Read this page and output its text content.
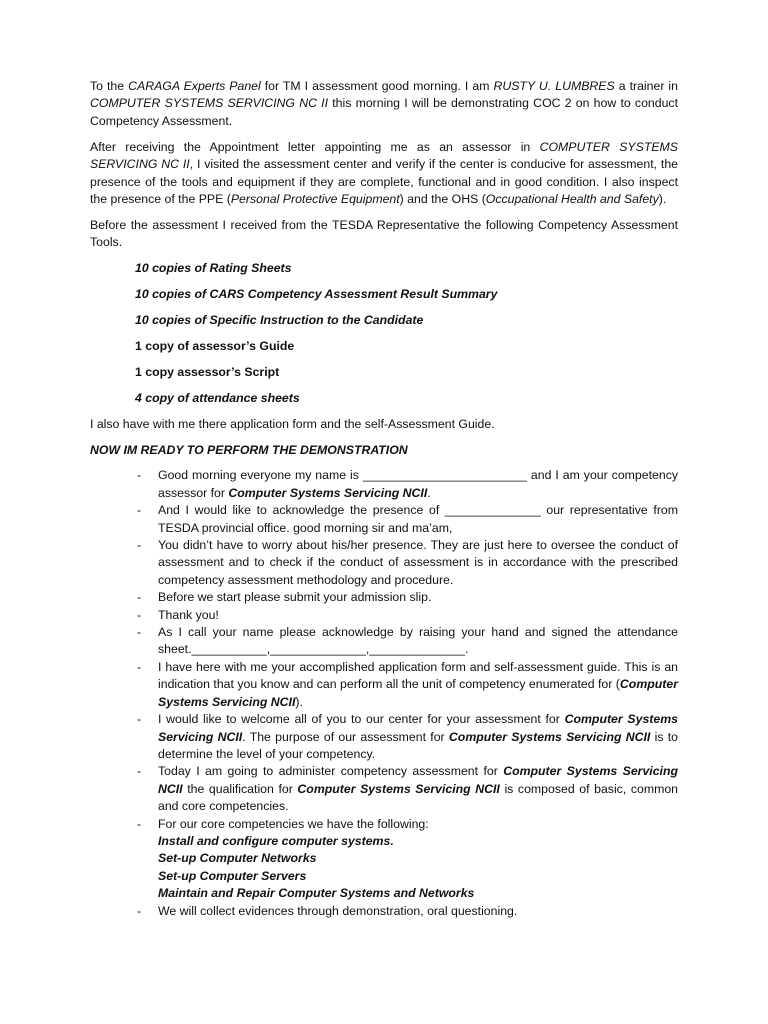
To the CARAGA Experts Panel for TM I assessment good morning. I am RUSTY U. LUMBRES a trainer in COMPUTER SYSTEMS SERVICING NC II this morning I will be demonstrating COC 2 on how to conduct Competency Assessment.

After receiving the Appointment letter appointing me as an assessor in COMPUTER SYSTEMS SERVICING NC II, I visited the assessment center and verify if the center is conducive for assessment, the presence of the tools and equipment if they are complete, functional and in good condition. I also inspect the presence of the PPE (Personal Protective Equipment) and the OHS (Occupational Health and Safety).

Before the assessment I received from the TESDA Representative the following Competency Assessment Tools.

10 copies of Rating Sheets
10 copies of CARS Competency Assessment Result Summary
10 copies of Specific Instruction to the Candidate
1 copy of assessor’s Guide
1 copy assessor’s Script
4 copy of attendance sheets

I also have with me there application form and the self-Assessment Guide.

NOW IM READY TO PERFORM THE DEMONSTRATION
- Good morning everyone my name is ________________________ and I am your competency assessor for Computer Systems Servicing NCII.
- And I would like to acknowledge the presence of ______________ our representative from TESDA provincial office. good morning sir and ma’am,
- You didn’t have to worry about his/her presence. They are just here to oversee the conduct of assessment and to check if the conduct of assessment is in accordance with the prescribed competency assessment methodology and procedure.
- Before we start please submit your admission slip.
- Thank you!
- As I call your name please acknowledge by raising your hand and signed the attendance sheet.___________,______________,______________.
- I have here with me your accomplished application form and self-assessment guide. This is an indication that you know and can perform all the unit of competency enumerated for (Computer Systems Servicing NCII).
- I would like to welcome all of you to our center for your assessment for Computer Systems Servicing NCII. The purpose of our assessment for Computer Systems Servicing NCII is to determine the level of your competency.
- Today I am going to administer competency assessment for Computer Systems Servicing NCII the qualification for Computer Systems Servicing NCII is composed of basic, common and core competencies.
- For our core competencies we have the following:
Install and configure computer systems.
Set-up Computer Networks
Set-up Computer Servers
Maintain and Repair Computer Systems and Networks
- We will collect evidences through demonstration, oral questioning.
